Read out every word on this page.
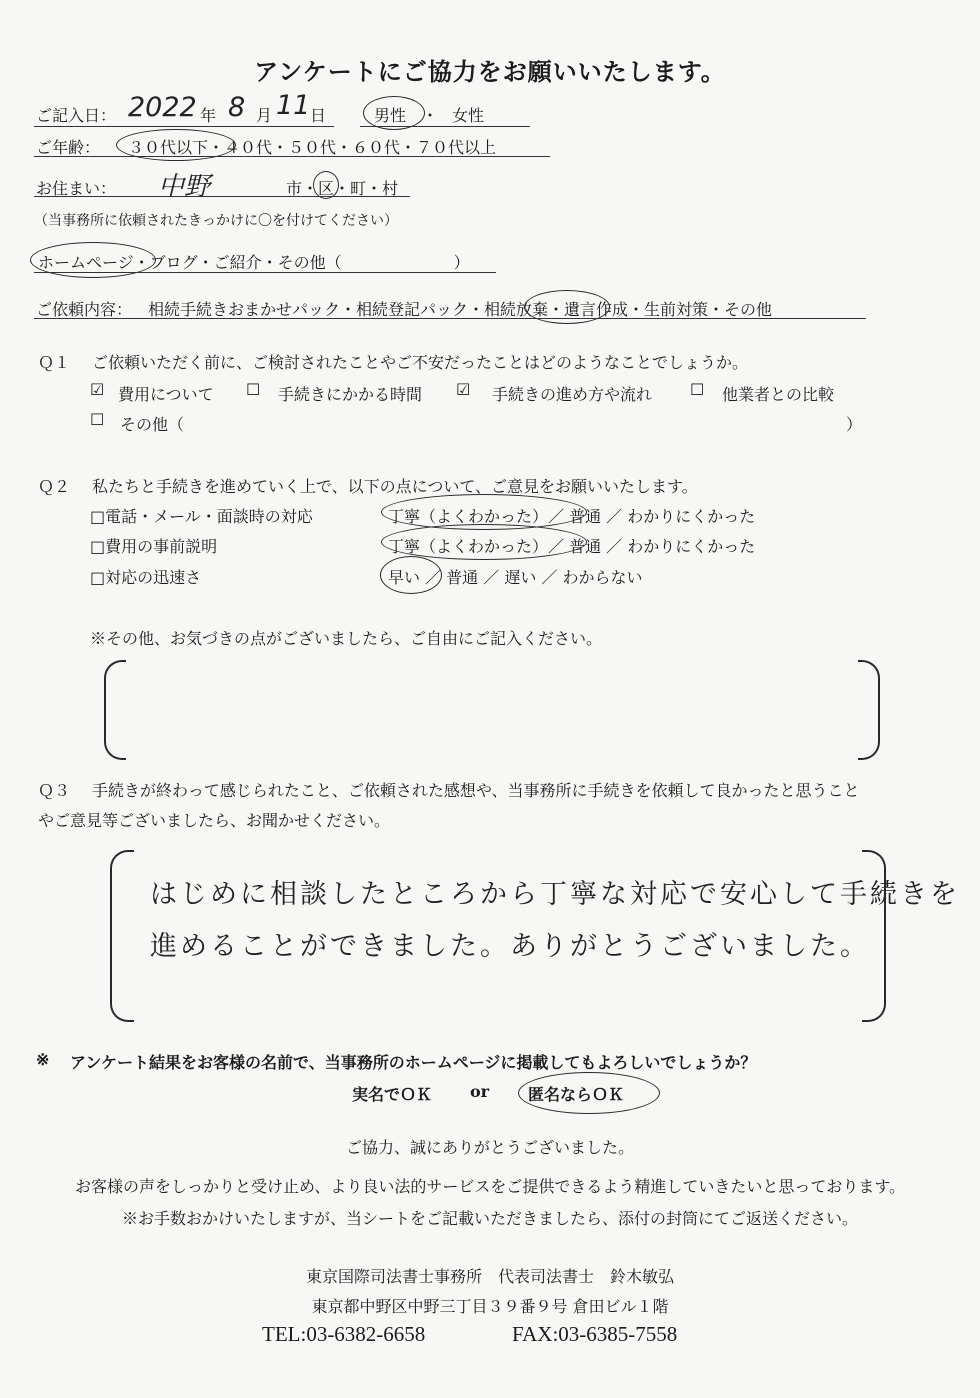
アンケートにご協力をお願いいたします。
ご記入日： 2022 年 8 月 11 日	男性 ・ 女性
ご年齢： ３０代以下・４０代・５０代・６０代・７０代以上
お住まい： 中野	市・区・町・村
（当事務所に依頼されたきっかけに〇を付けてください）
ホームページ・ブログ・ご紹介・その他（　　　　　　　）
ご依頼内容： 相続手続きおまかせパック・相続登記パック・相続放棄・遺言作成・生前対策・その他
Ｑ１ ご依頼いただく前に、ご検討されたことやご不安だったことはどのようなことでしょうか。
☑ 費用について ☐ 手続きにかかる時間 ☑ 手続きの進め方や流れ ☐ 他業者との比較
☐ その他（	）
Ｑ２ 私たちと手続きを進めていく上で、以下の点について、ご意見をお願いいたします。
□電話・メール・面談時の対応	丁寧（よくわかった）／ 普通 ／ わかりにくかった
□費用の事前説明	丁寧（よくわかった）／ 普通 ／ わかりにくかった
□対応の迅速さ	早い ／ 普通 ／ 遅い ／ わからない
※その他、お気づきの点がございましたら、ご自由にご記入ください。
Ｑ３ 手続きが終わって感じられたこと、ご依頼された感想や、当事務所に手続きを依頼して良かったと思うこと
やご意見等ございましたら、お聞かせください。
はじめに相談したところから丁寧な対応で安心して手続きを
進めることができました。ありがとうございました。
※ アンケート結果をお客様の名前で、当事務所のホームページに掲載してもよろしいでしょうか？
実名でＯＫ or 匿名ならＯＫ
ご協力、誠にありがとうございました。
お客様の声をしっかりと受け止め、より良い法的サービスをご提供できるよう精進していきたいと思っております。
※お手数おかけいたしますが、当シートをご記載いただきましたら、添付の封筒にてご返送ください。
東京国際司法書士事務所　代表司法書士　鈴木敏弘
東京都中野区中野三丁目３９番９号 倉田ビル１階
TEL:03-6382-6658	FAX:03-6385-7558
